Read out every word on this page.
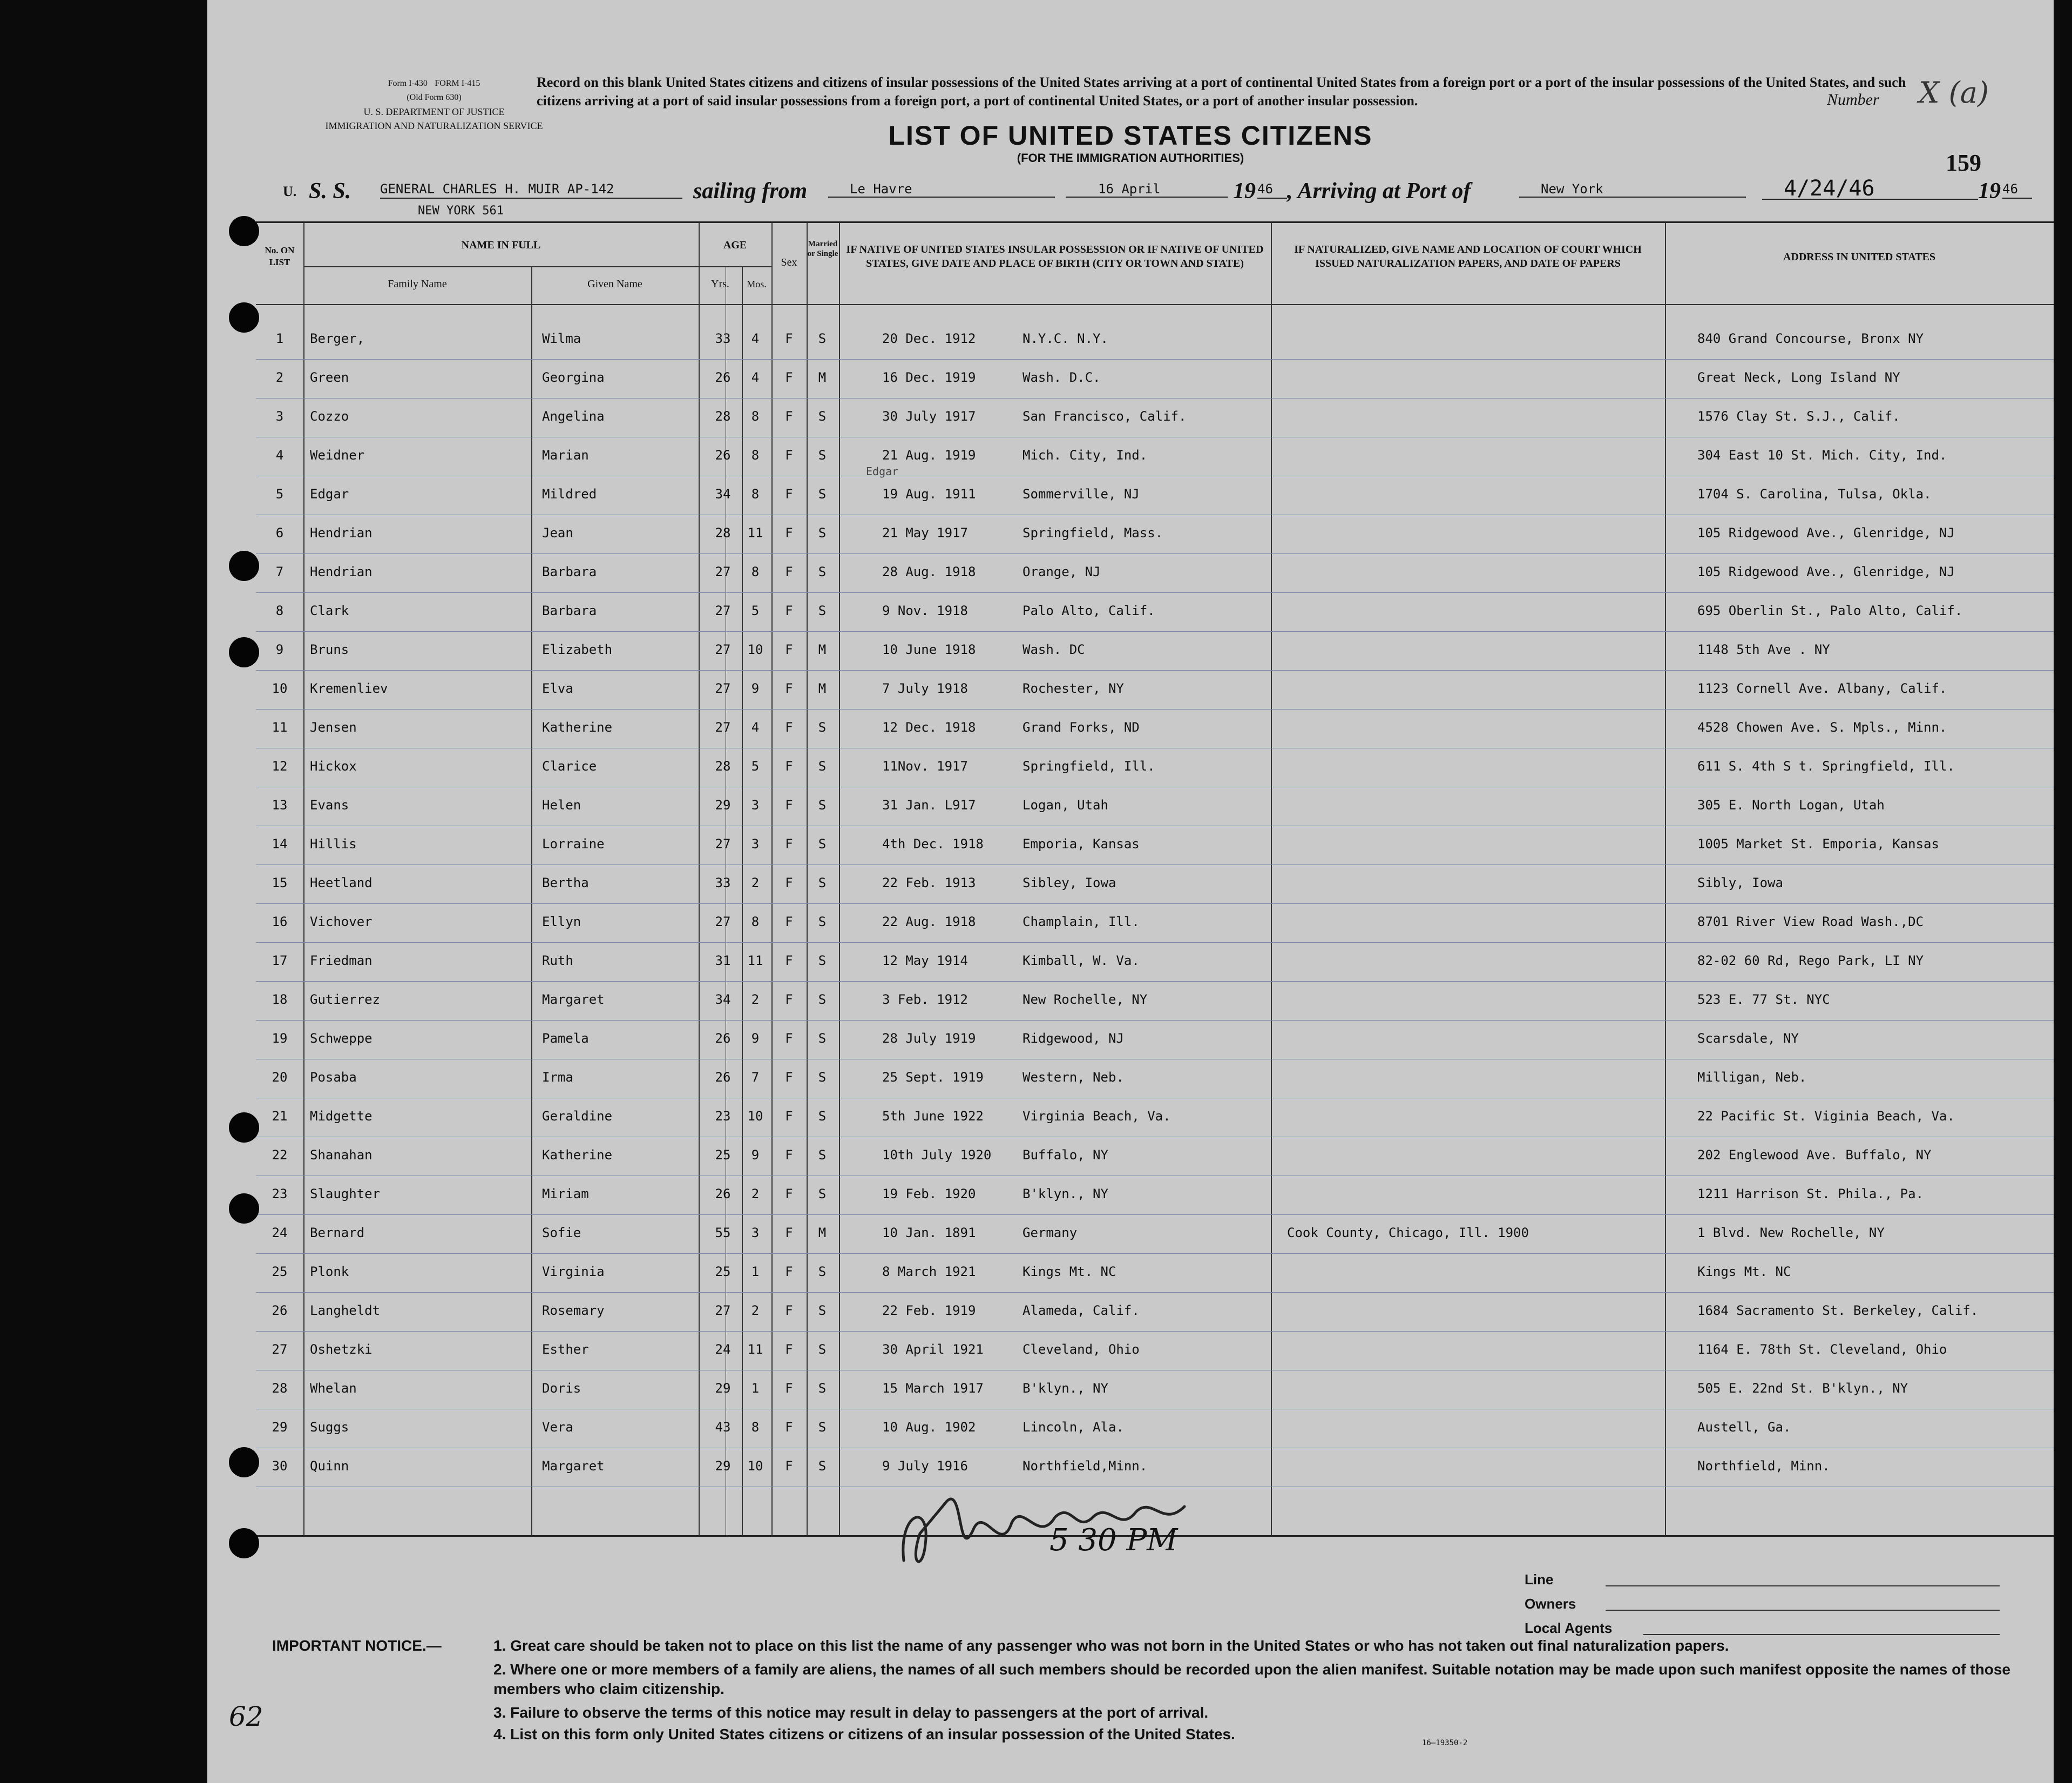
Form I-430 FORM I-415
(Old Form 630)
U. S. DEPARTMENT OF JUSTICE
IMMIGRATION AND NATURALIZATION SERVICE
Record on this blank United States citizens and citizens of insular possessions of the United States arriving at a port of continental United States from a foreign port or a port of the insular possessions of the United States, and such citizens arriving at a port of said insular possessions from a foreign port, a port of continental United States, or a port of another insular possession.	Number X (a)
LIST OF UNITED STATES CITIZENS
(FOR THE IMMIGRATION AUTHORITIES)	159
U. S. S. GENERAL CHARLES H. MUIR AP-142	sailing from	Le Havre	16 April	19 46 , Arriving at Port of	New York	4/24/46	19 46
NEW YORK 561
No. ON LIST
NAME IN FULL
Family Name	Given Name
AGE
Yrs.	Mos.
Sex
Married or Single IF NATIVE OF UNITED STATES INSULAR POSSESSION OR IF NATIVE OF UNITED STATES, GIVE DATE AND PLACE OF BIRTH (CITY OR TOWN AND STATE)
IF NATURALIZED, GIVE NAME AND LOCATION OF COURT WHICH ISSUED NATURALIZATION PAPERS, AND DATE OF PAPERS
ADDRESS IN UNITED STATES
1	Berger,	Wilma	33	4	F	S	20 Dec. 1912	N.Y.C. N.Y.	840 Grand Concourse, Bronx NY
2	Green	Georgina	26	4	F	M	16 Dec. 1919	Wash. D.C.	Great Neck, Long Island NY
3	Cozzo	Angelina	28	8	F	S	30 July 1917	San Francisco, Calif.	1576 Clay St. S.J., Calif.
4	Weidner	Marian	26	8	F	S	21 Aug. 1919	Mich. City, Ind.	304 East 10 St. Mich. City, Ind.
5	Edgar	Mildred	34	8	F	S	19 Aug. 1911	Sommerville, NJ	1704 S. Carolina, Tulsa, Okla.
6	Hendrian	Jean	28	11	F	S	21 May 1917	Springfield, Mass.	105 Ridgewood Ave., Glenridge, NJ
7	Hendrian	Barbara	27	8	F	S	28 Aug. 1918	Orange, NJ	105 Ridgewood Ave., Glenridge, NJ
8	Clark	Barbara	27	5	F	S	9 Nov. 1918	Palo Alto, Calif.	695 Oberlin St., Palo Alto, Calif.
9	Bruns	Elizabeth	27	10	F	M	10 June 1918	Wash. DC	1148 5th Ave . NY
10	Kremenliev	Elva	27	9	F	M	7 July 1918	Rochester, NY	1123 Cornell Ave. Albany, Calif.
11	Jensen	Katherine	27	4	F	S	12 Dec. 1918	Grand Forks, ND	4528 Chowen Ave. S. Mpls., Minn.
12	Hickox	Clarice	28	5	F	S	11Nov. 1917	Springfield, Ill.	611 S. 4th S t. Springfield, Ill.
13	Evans	Helen	29	3	F	S	31 Jan. L917	Logan, Utah	305 E. North Logan, Utah
14	Hillis	Lorraine	27	3	F	S	4th Dec. 1918	Emporia, Kansas	1005 Market St. Emporia, Kansas
15	Heetland	Bertha	33	2	F	S	22 Feb. 1913	Sibley, Iowa	Sibly, Iowa
16	Vichover	Ellyn	27	8	F	S	22 Aug. 1918	Champlain, Ill.	8701 River View Road Wash.,DC
17	Friedman	Ruth	31	11	F	S	12 May 1914	Kimball, W. Va.	82-02 60 Rd, Rego Park, LI NY
18	Gutierrez	Margaret	34	2	F	S	3 Feb. 1912	New Rochelle, NY	523 E. 77 St. NYC
19	Schweppe	Pamela	26	9	F	S	28 July 1919	Ridgewood, NJ	Scarsdale, NY
20	Posaba	Irma	26	7	F	S	25 Sept. 1919	Western, Neb.	Milligan, Neb.
21	Midgette	Geraldine	23	10	F	S	5th June 1922	Virginia Beach, Va.	22 Pacific St. Viginia Beach, Va.
22	Shanahan	Katherine	25	9	F	S	10th July 1920 Buffalo, NY	202 Englewood Ave. Buffalo, NY
23	Slaughter	Miriam	26	2	F	S	19 Feb. 1920	B'klyn., NY	1211 Harrison St. Phila., Pa.
24	Bernard	Sofie	55	3	F	M	10 Jan. 1891	Germany	Cook County, Chicago, Ill. 1900	1 Blvd. New Rochelle, NY
25	Plonk	Virginia	25	1	F	S	8 March 1921	Kings Mt. NC	Kings Mt. NC
26	Langheldt	Rosemary	27	2	F	S	22 Feb. 1919	Alameda, Calif.	1684 Sacramento St. Berkeley, Calif.
27	Oshetzki	Esther	24	11	F	S	30 April 1921	Cleveland, Ohio	1164 E. 78th St. Cleveland, Ohio
28	Whelan	Doris	29	1	F	S	15 March 1917	B'klyn., NY	505 E. 22nd St. B'klyn., NY
29	Suggs	Vera	43	8	F	S	10 Aug. 1902	Lincoln, Ala.	Austell, Ga.
30	Quinn	Margaret	29	10	F	S	9 July 1916	Northfield,Minn.	Northfield, Minn.
Edgar
5 30 PM
Line
Owners
Local Agents
IMPORTANT NOTICE.—	1. Great care should be taken not to place on this list the name of any passenger who was not born in the United States or who has not taken out final naturalization papers.
2. Where one or more members of a family are aliens, the names of all such members should be recorded upon the alien manifest. Suitable notation may be made upon such manifest opposite the names of those members who claim citizenship.
3. Failure to observe the terms of this notice may result in delay to passengers at the port of arrival.
4. List on this form only United States citizens or citizens of an insular possession of the United States.
62
16—19350-2
